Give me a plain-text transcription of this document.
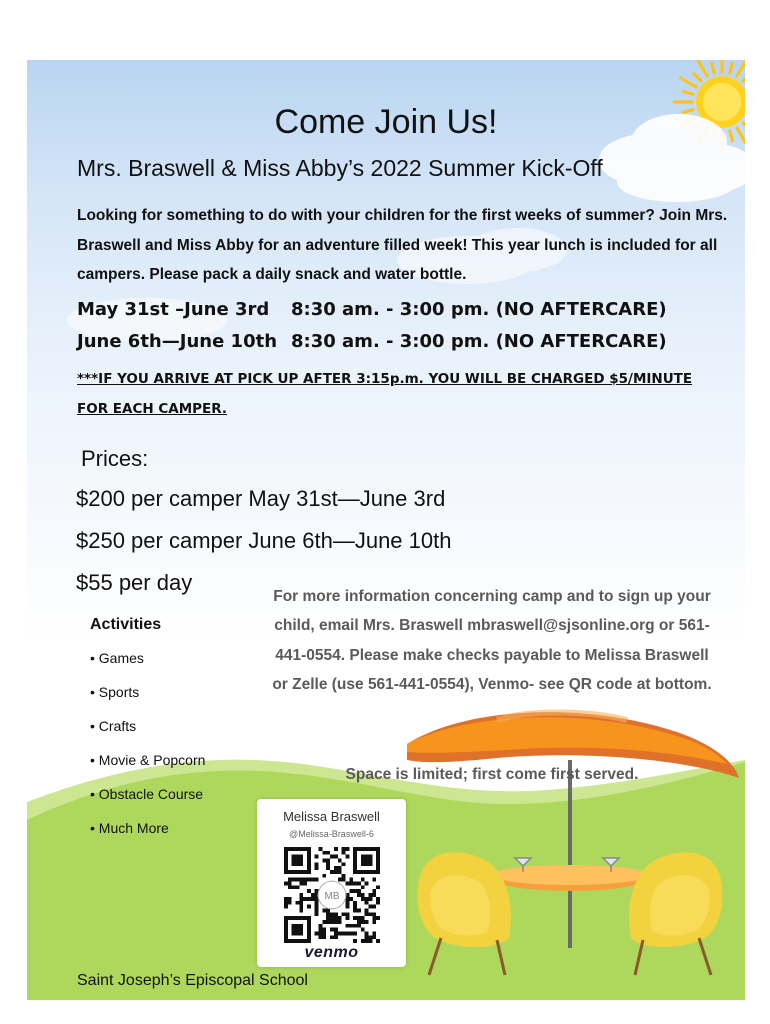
Come Join Us!
Mrs. Braswell & Miss Abby’s 2022 Summer Kick-Off
Looking for something to do with your children for the first weeks of summer? Join Mrs. Braswell and Miss Abby for an adventure filled week! This year lunch is included for all campers. Please pack a daily snack and water bottle.
May 31st –June 3rd 8:30 am. - 3:00 pm. (NO AFTERCARE)
June 6th—June 10th 8:30 am. - 3:00 pm. (NO AFTERCARE)
***IF YOU ARRIVE AT PICK UP AFTER 3:15p.m. YOU WILL BE CHARGED $5/MINUTE FOR EACH CAMPER.
Prices:
$200 per camper May 31st—June 3rd
$250 per camper June 6th—June 10th
$55 per day
Activities
• Games
• Sports
• Crafts
• Movie & Popcorn
• Obstacle Course
• Much More
For more information concerning camp and to sign up your child, email Mrs. Braswell mbraswell@sjsonline.org or 561-441-0554. Please make checks payable to Melissa Braswell or Zelle (use 561-441-0554), Venmo- see QR code at bottom.
Space is limited; first come first served.
Melissa Braswell
@Melissa-Braswell-6
MB
venmo
Saint Joseph’s Episcopal School
